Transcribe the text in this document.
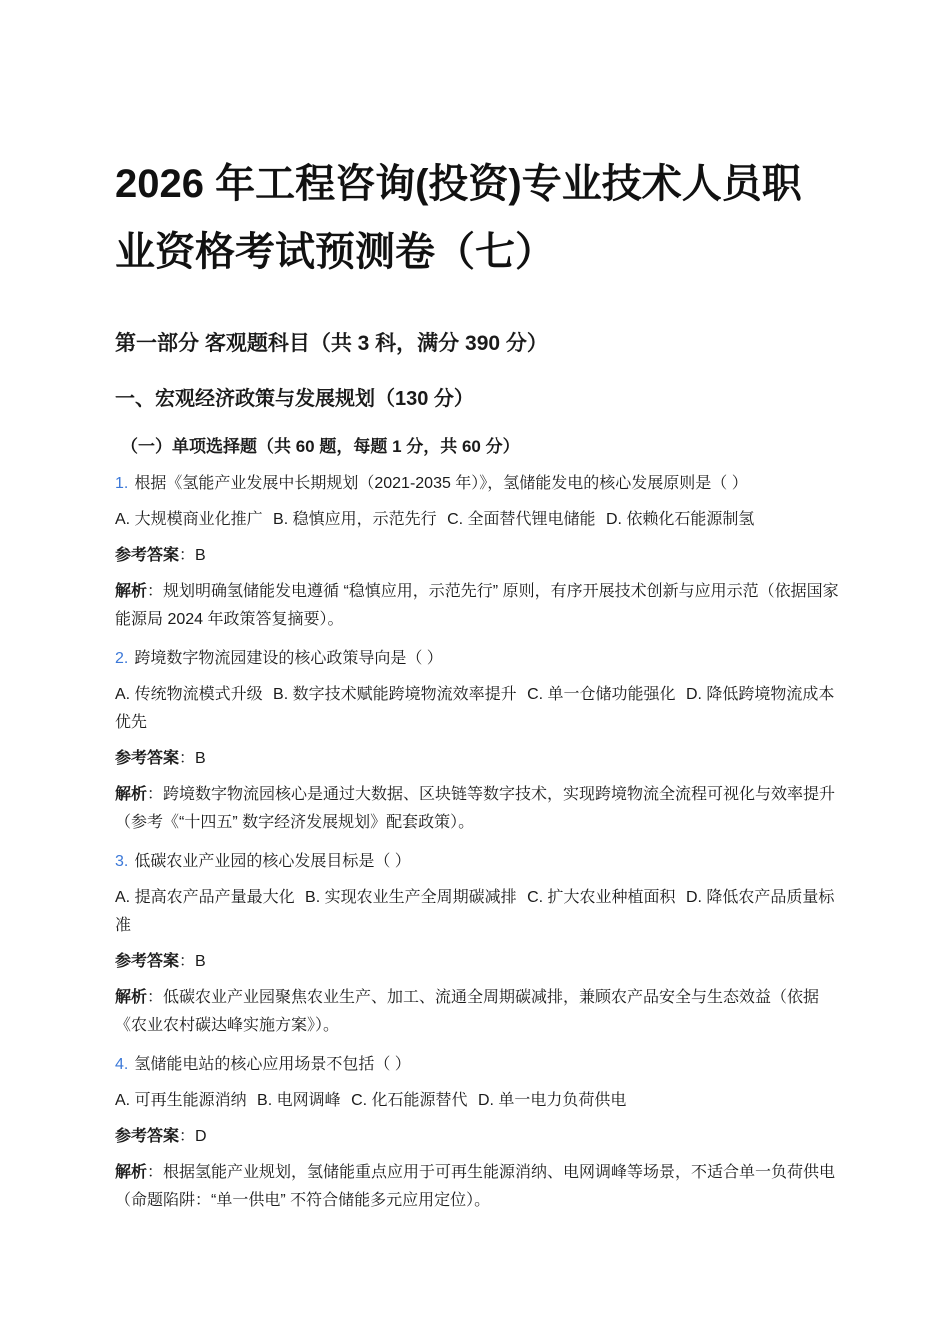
2026 年工程咨询(投资)专业技术人员职业资格考试预测卷（七）
第一部分 客观题科目（共 3 科，满分 390 分）
一、宏观经济政策与发展规划（130 分）
（一）单项选择题（共 60 题，每题 1 分，共 60 分）

1. 根据《氢能产业发展中长期规划（2021-2035 年）》，氢储能发电的核心发展原则是（ ）

A. 大规模商业化推广 B. 稳慎应用，示范先行 C. 全面替代锂电储能 D. 依赖化石能源制氢

参考答案：B

解析：规划明确氢储能发电遵循 “稳慎应用，示范先行” 原则，有序开展技术创新与应用示范（依据国家能源局 2024 年政策答复摘要）。

2. 跨境数字物流园建设的核心政策导向是（ ）

A. 传统物流模式升级 B. 数字技术赋能跨境物流效率提升 C. 单一仓储功能强化 D. 降低跨境物流成本优先

参考答案：B

解析：跨境数字物流园核心是通过大数据、区块链等数字技术，实现跨境物流全流程可视化与效率提升（参考《“十四五” 数字经济发展规划》配套政策）。

3. 低碳农业产业园的核心发展目标是（ ）

A. 提高农产品产量最大化 B. 实现农业生产全周期碳减排 C. 扩大农业种植面积 D. 降低农产品质量标准

参考答案：B

解析：低碳农业产业园聚焦农业生产、加工、流通全周期碳减排，兼顾农产品安全与生态效益（依据《农业农村碳达峰实施方案》）。

4. 氢储能电站的核心应用场景不包括（ ）

A. 可再生能源消纳 B. 电网调峰 C. 化石能源替代 D. 单一电力负荷供电

参考答案：D

解析：根据氢能产业规划，氢储能重点应用于可再生能源消纳、电网调峰等场景，不适合单一负荷供电（命题陷阱：“单一供电” 不符合储能多元应用定位）。
